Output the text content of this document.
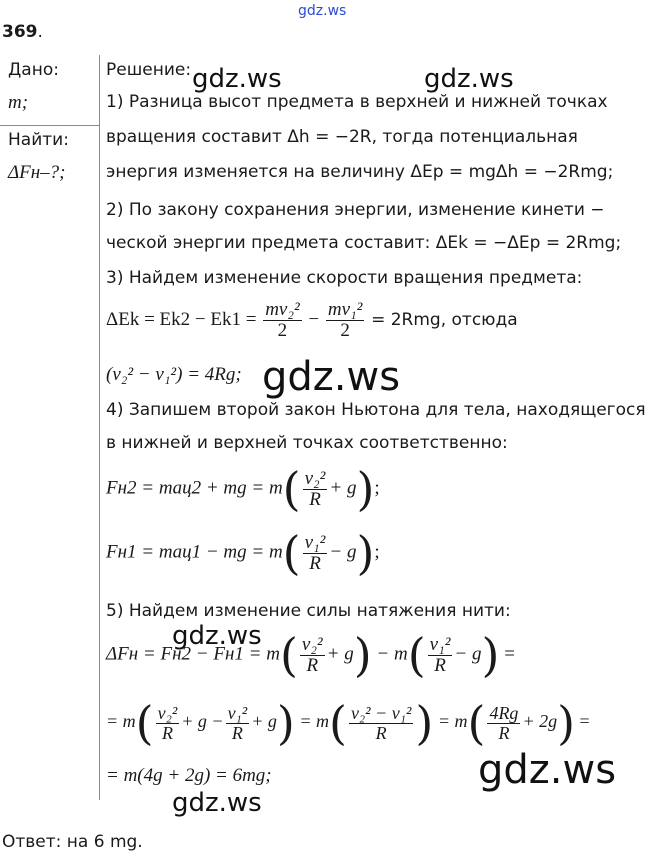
gdz.ws
369.
Дано:
m;
Найти:
ΔFн–?;
Решение:
1) Разница высот предмета в верхней и нижней точках
вращения составит Δh = −2R, тогда потенциальная
энергия изменяется на величину ΔEp = mgΔh = −2Rmg;
2) По закону сохранения энергии, изменение кинети −
ческой энергии предмета составит: ΔEk = −ΔEp = 2Rmg;
3) Найдем изменение скорости вращения предмета:
$\Delta Ek = Ek2 - Ek1 = \frac{\text{mv₂²}}{2} - \frac{\text{mv₁²}}{2} = 2Rmg$, отсюда
(v₂² − v₁²) = 4Rg;
4) Запишем второй закон Ньютона для тела, находящегося
в нижней и верхней точках соответственно:
Fн2 = maц2 + mg = $m( \frac{\text{v₂²}}{R} + g)$;
Fн1 = maц1 − mg = $m( \frac{\text{v₁²}}{R} - g)$;
5) Найдем изменение силы натяжения нити:
$\Delta Fн = Fн2 - Fн1 = m( \frac{\text{v₂²}}{R} + g) - m( \frac{\text{v₁²}}{R} - g)$ =
= $m( \frac{\text{v₂²}}{R} + g - \frac{\text{v₁²}}{R} + g) = m( \frac{\text{v₂² − v₁²}}{R}$ ) = $m( \frac{4Rg}{R} + 2g)$ =
= m(4g + 2g) = 6mg;
Ответ: на 6 mg.
gdz.ws	gdz.ws
gdz.ws
gdz.ws
gdz.ws
gdz.ws
